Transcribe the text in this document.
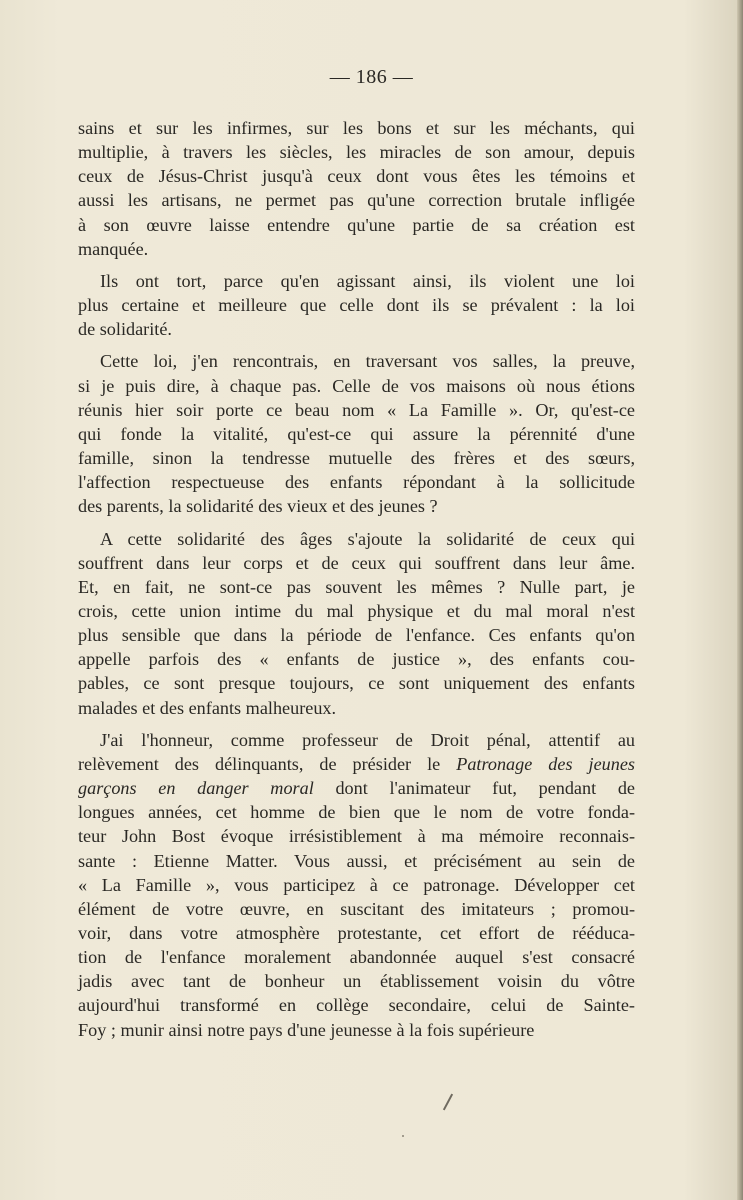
— 186 —
sains et sur les infirmes, sur les bons et sur les méchants, qui
multiplie, à travers les siècles, les miracles de son amour, depuis
ceux de Jésus-Christ jusqu'à ceux dont vous êtes les témoins et
aussi les artisans, ne permet pas qu'une correction brutale infligée
à son œuvre laisse entendre qu'une partie de sa création est
manquée.
Ils ont tort, parce qu'en agissant ainsi, ils violent une loi
plus certaine et meilleure que celle dont ils se prévalent : la loi
de solidarité.
Cette loi, j'en rencontrais, en traversant vos salles, la preuve,
si je puis dire, à chaque pas. Celle de vos maisons où nous étions
réunis hier soir porte ce beau nom « La Famille ». Or, qu'est-ce
qui fonde la vitalité, qu'est-ce qui assure la pérennité d'une
famille, sinon la tendresse mutuelle des frères et des sœurs,
l'affection respectueuse des enfants répondant à la sollicitude
des parents, la solidarité des vieux et des jeunes ?
A cette solidarité des âges s'ajoute la solidarité de ceux qui
souffrent dans leur corps et de ceux qui souffrent dans leur âme.
Et, en fait, ne sont-ce pas souvent les mêmes ? Nulle part, je
crois, cette union intime du mal physique et du mal moral n'est
plus sensible que dans la période de l'enfance. Ces enfants qu'on
appelle parfois des « enfants de justice », des enfants cou-
pables, ce sont presque toujours, ce sont uniquement des enfants
malades et des enfants malheureux.
J'ai l'honneur, comme professeur de Droit pénal, attentif au
relèvement des délinquants, de présider le Patronage des jeunes
garçons en danger moral dont l'animateur fut, pendant de
longues années, cet homme de bien que le nom de votre fonda-
teur John Bost évoque irrésistiblement à ma mémoire reconnais-
sante : Etienne Matter. Vous aussi, et précisément au sein de
« La Famille », vous participez à ce patronage. Développer cet
élément de votre œuvre, en suscitant des imitateurs ; promou-
voir, dans votre atmosphère protestante, cet effort de rééduca-
tion de l'enfance moralement abandonnée auquel s'est consacré
jadis avec tant de bonheur un établissement voisin du vôtre
aujourd'hui transformé en collège secondaire, celui de Sainte-
Foy ; munir ainsi notre pays d'une jeunesse à la fois supérieure
